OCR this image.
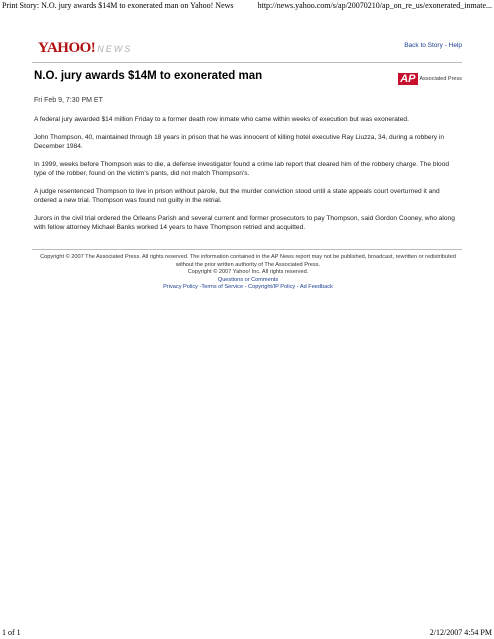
Print Story: N.O. jury awards $14M to exonerated man on Yahoo! News	http://news.yahoo.com/s/ap/20070210/ap_on_re_us/exonerated_inmate...
YAHOO! NEWS	Back to Story - Help
N.O. jury awards $14M to exonerated man	AP Associated Press
Fri Feb 9, 7:30 PM ET

A federal jury awarded $14 million Friday to a former death row inmate who came within weeks of execution but was exonerated.

John Thompson, 40, maintained through 18 years in prison that he was innocent of killing hotel executive Ray Liuzza, 34, during a robbery in December 1984.

In 1999, weeks before Thompson was to die, a defense investigator found a crime lab report that cleared him of the robbery charge. The blood type of the robber, found on the victim's pants, did not match Thompson's.

A judge resentenced Thompson to live in prison without parole, but the murder conviction stood until a state appeals court overturned it and ordered a new trial. Thompson was found not guilty in the retrial.

Jurors in the civil trial ordered the Orleans Parish and several current and former prosecutors to pay Thompson, said Gordon Cooney, who along with fellow attorney Michael Banks worked 14 years to have Thompson retried and acquitted.

Copyright © 2007 The Associated Press. All rights reserved. The information contained in the AP News report may not be published, broadcast, rewritten or redistributed without the prior written authority of The Associated Press.
Copyright © 2007 Yahoo! Inc. All rights reserved.
Questions or Comments
Privacy Policy -Terms of Service - Copyright/IP Policy - Ad Feedback
1 of 1	2/12/2007 4:54 PM
